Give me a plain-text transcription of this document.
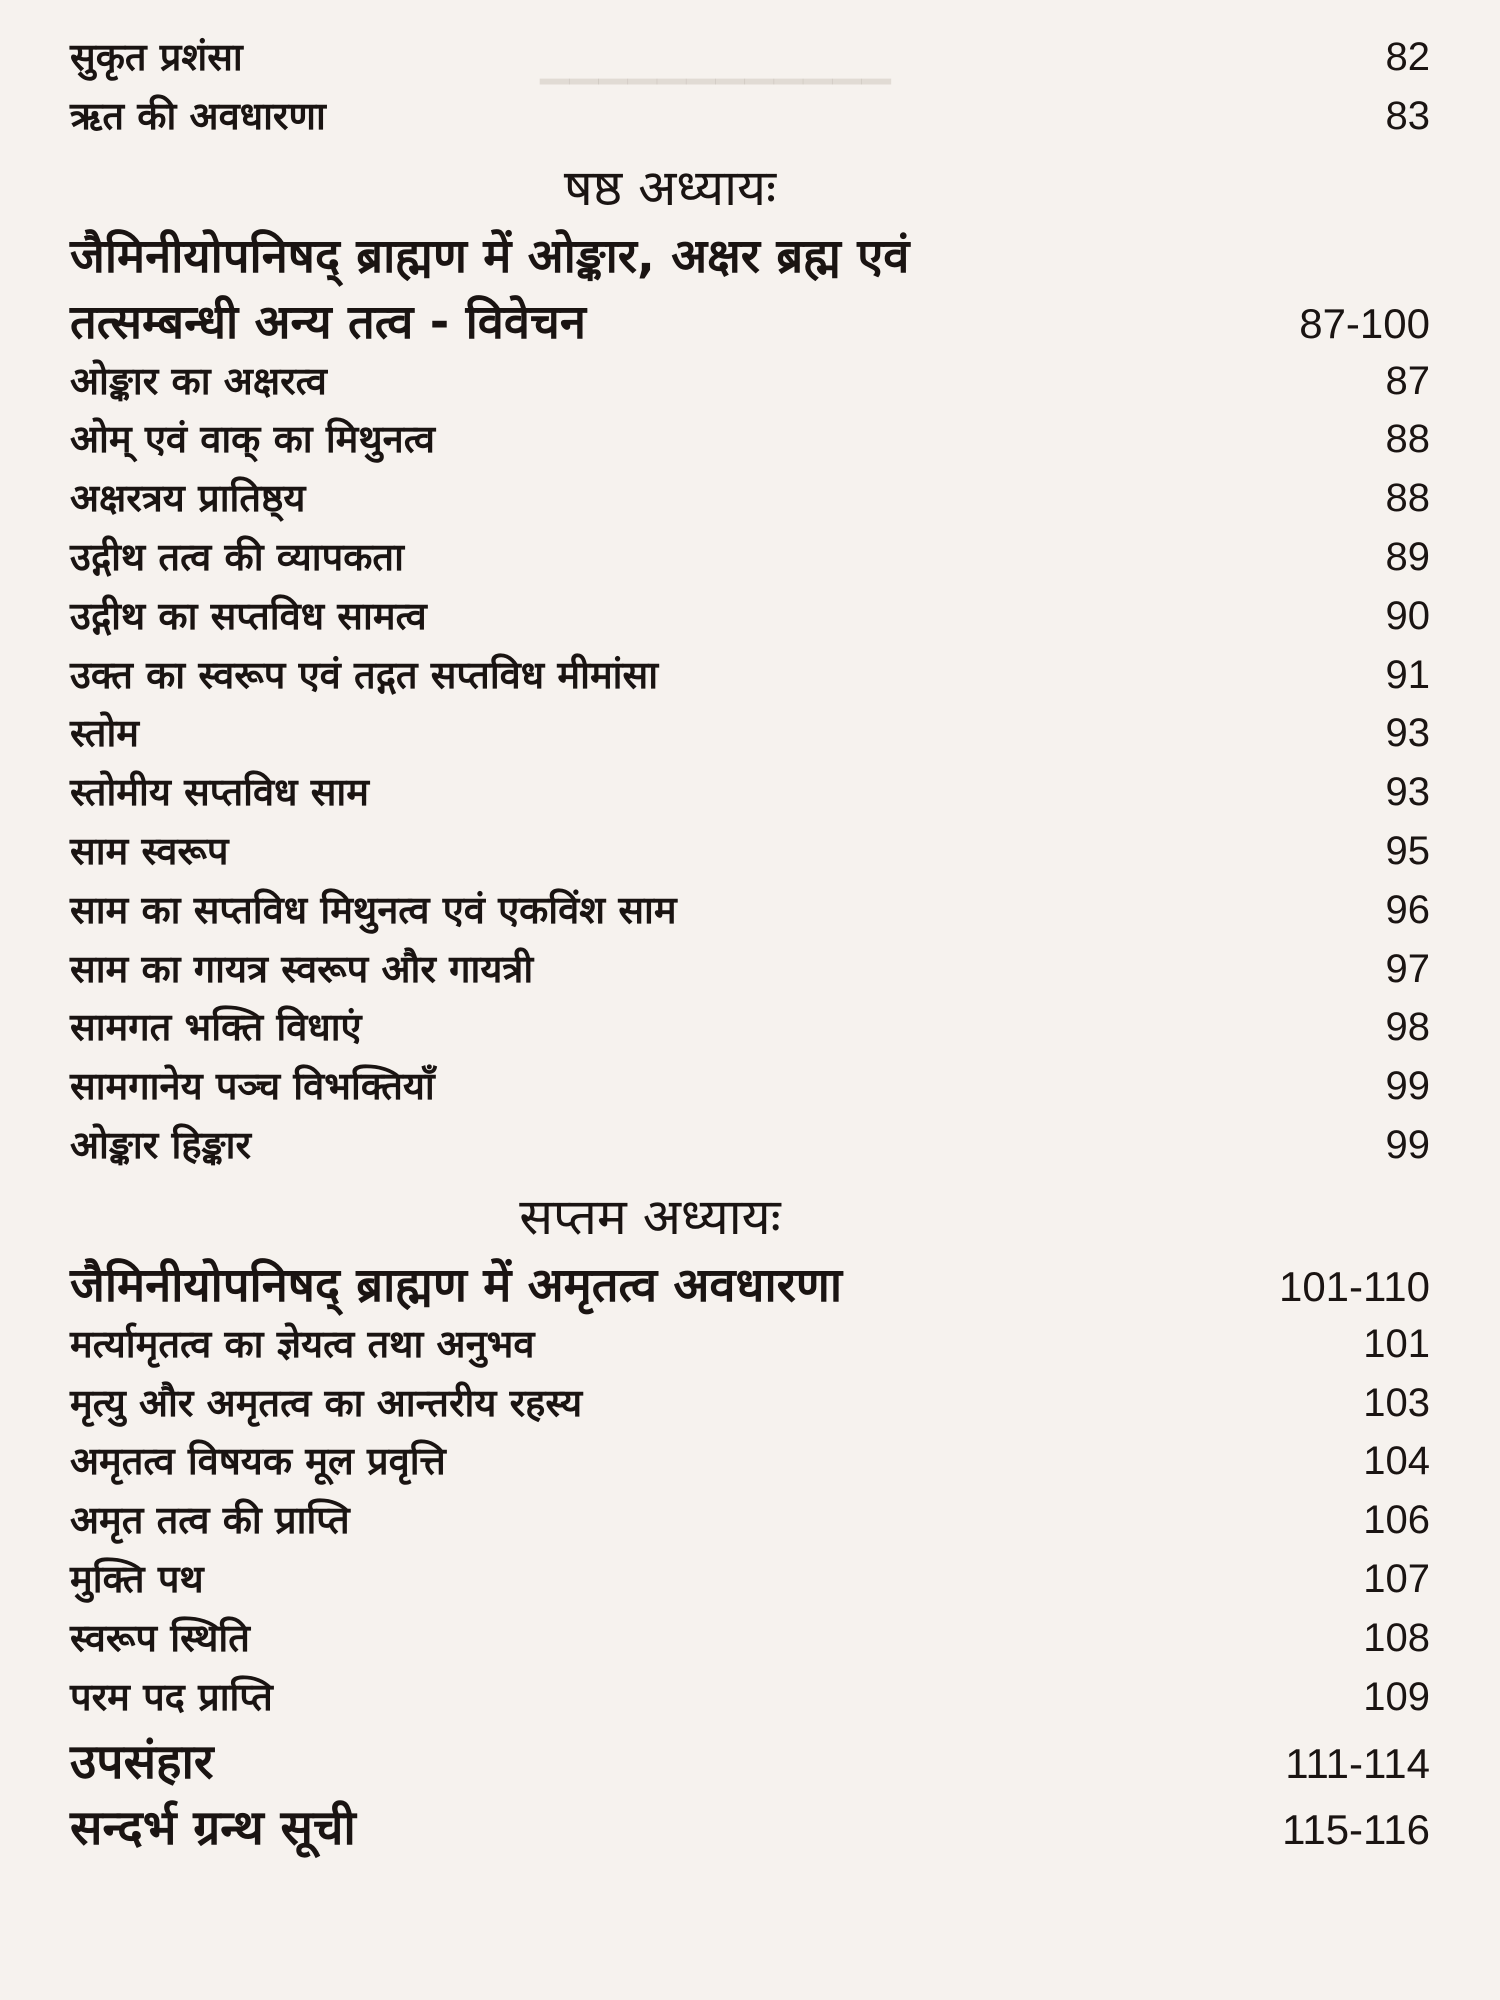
▁▁▁▁▁▁▁▁▁▁▁▁
सुकृत प्रशंसा	82
ऋत की अवधारणा	83
षष्ठ अध्यायः
जैमिनीयोपनिषद् ब्राह्मण में ओङ्कार, अक्षर ब्रह्म एवं
तत्सम्बन्धी अन्य तत्व - विवेचन	87-100
ओङ्कार का अक्षरत्व	87
ओम् एवं वाक् का मिथुनत्व	88
अक्षरत्रय प्रातिष्ठ्य	88
उद्गीथ तत्व की व्यापकता	89
उद्गीथ का सप्तविध सामत्व	90
उक्त का स्वरूप एवं तद्गत सप्तविध मीमांसा	91
स्तोम	93
स्तोमीय सप्तविध साम	93
साम स्वरूप	95
साम का सप्तविध मिथुनत्व एवं एकविंश साम	96
साम का गायत्र स्वरूप और गायत्री	97
सामगत भक्ति विधाएं	98
सामगानेय पञ्च विभक्तियाँ	99
ओङ्कार हिङ्कार	99
सप्तम अध्यायः
जैमिनीयोपनिषद् ब्राह्मण में अमृतत्व अवधारणा	101-110
मर्त्यामृतत्व का ज्ञेयत्व तथा अनुभव	101
मृत्यु और अमृतत्व का आन्तरीय रहस्य	103
अमृतत्व विषयक मूल प्रवृत्ति	104
अमृत तत्व की प्राप्ति	106
मुक्ति पथ	107
स्वरूप स्थिति	108
परम पद प्राप्ति	109
उपसंहार	111-114
सन्दर्भ ग्रन्थ सूची	115-116
